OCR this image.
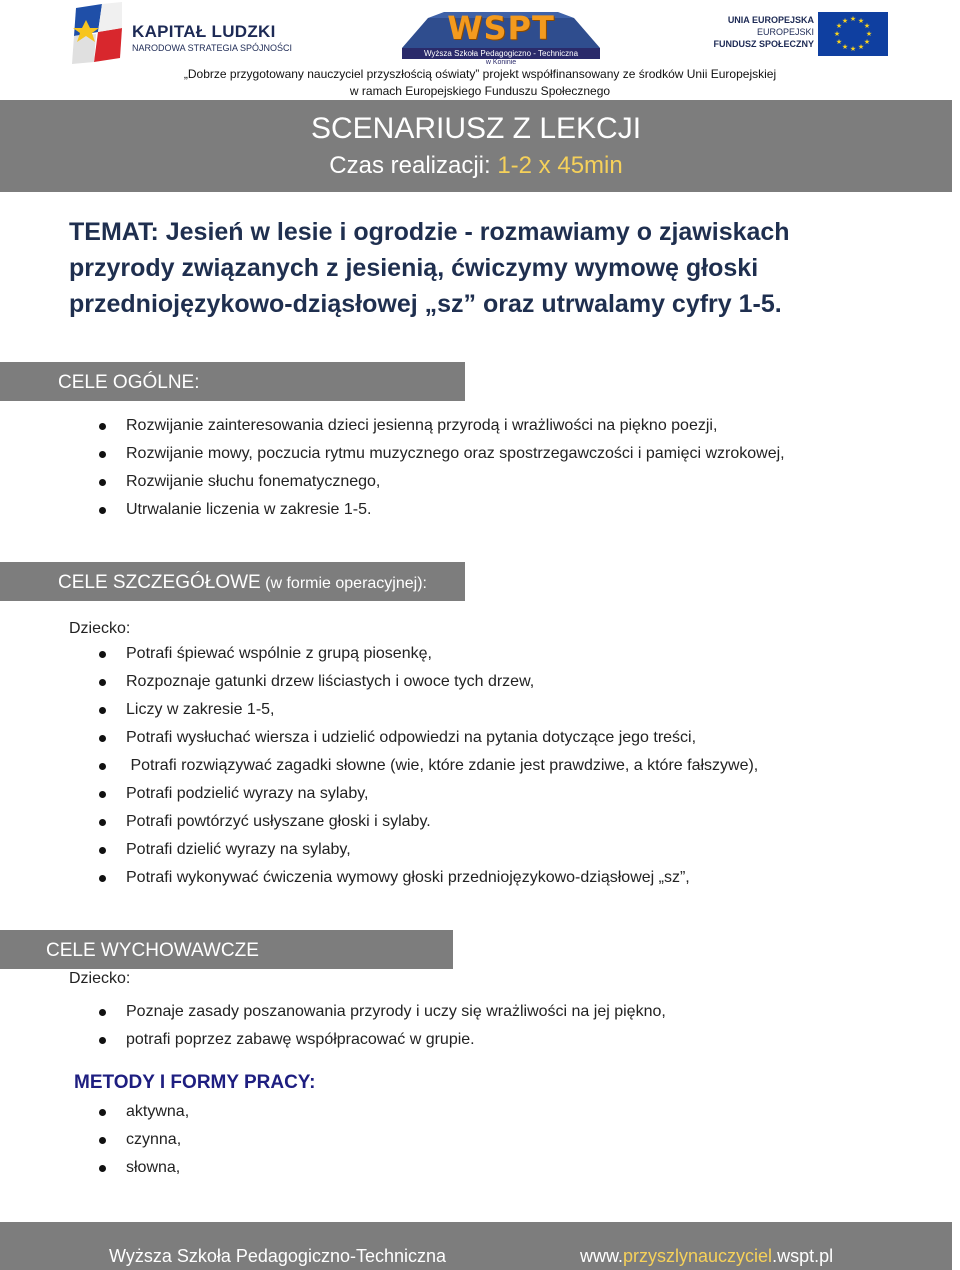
KAPITAŁ LUDZKI
NARODOWA STRATEGIA SPÓJNOŚCI
WSPT
Wyższa Szkoła Pedagogiczno - Techniczna
w Koninie
UNIA EUROPEJSKA
EUROPEJSKI
FUNDUSZ SPOŁECZNY
★ ★
★
★
★
★
★
★
★
★
★
★
„Dobrze przygotowany nauczyciel przyszłością oświaty” projekt współfinansowany ze środków Unii Europejskiej
w ramach Europejskiego Funduszu Społecznego
SCENARIUSZ Z LEKCJI
Czas realizacji: 1-2 x 45min
TEMAT: Jesień w lesie i ogrodzie - rozmawiamy o zjawiskach
przyrody związanych z jesienią, ćwiczymy wymowę głoski
przedniojęzykowo-dziąsłowej „sz” oraz utrwalamy cyfry 1-5.
CELE OGÓLNE:
Rozwijanie zainteresowania dzieci jesienną przyrodą i wrażliwości na piękno poezji,
Rozwijanie mowy, poczucia rytmu muzycznego oraz spostrzegawczości i pamięci wzrokowej,
Rozwijanie słuchu fonematycznego,
Utrwalanie liczenia w zakresie 1-5.
CELE SZCZEGÓŁOWE (w formie operacyjnej):
Dziecko:
Potrafi śpiewać wspólnie z grupą piosenkę,
Rozpoznaje gatunki drzew liściastych i owoce tych drzew,
Liczy w zakresie 1-5,
Potrafi wysłuchać wiersza i udzielić odpowiedzi na pytania dotyczące jego treści,
Potrafi rozwiązywać zagadki słowne (wie, które zdanie jest prawdziwe, a które fałszywe),
Potrafi podzielić wyrazy na sylaby,
Potrafi powtórzyć usłyszane głoski i sylaby.
Potrafi dzielić wyrazy na sylaby,
Potrafi wykonywać ćwiczenia wymowy głoski przedniojęzykowo-dziąsłowej „sz”,
CELE WYCHOWAWCZE
Dziecko:
Poznaje zasady poszanowania przyrody i uczy się wrażliwości na jej piękno,
potrafi poprzez zabawę współpracować w grupie.
METODY I FORMY PRACY:
aktywna,
czynna,
słowna,
Wyższa Szkoła Pedagogiczno-Techniczna	www.przyszlynauczyciel.wspt.pl
